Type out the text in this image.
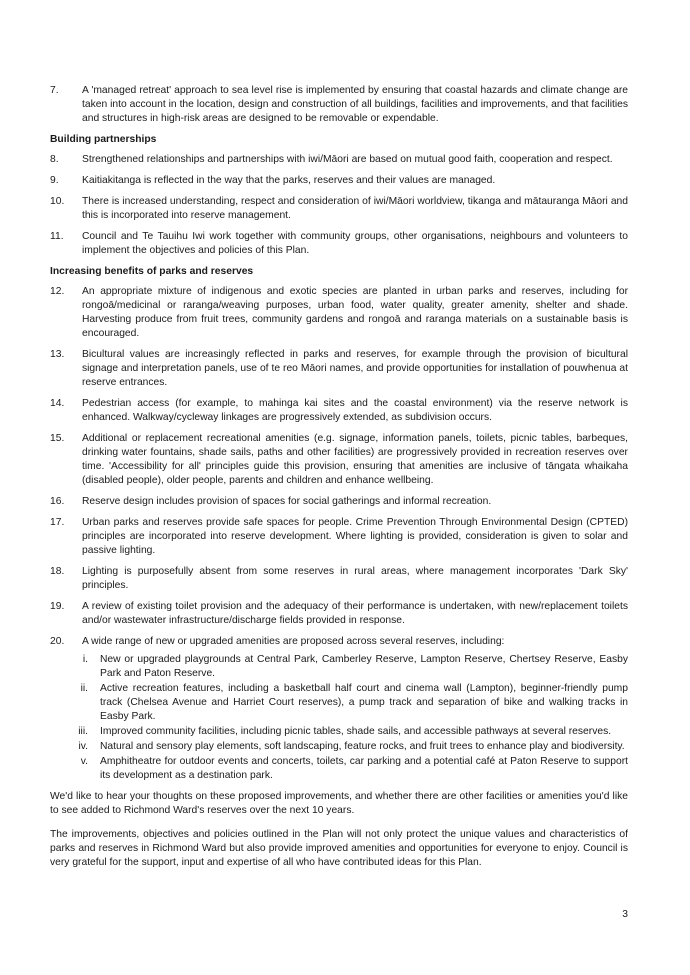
7.	A 'managed retreat' approach to sea level rise is implemented by ensuring that coastal hazards and climate change are taken into account in the location, design and construction of all buildings, facilities and improvements, and that facilities and structures in high-risk areas are designed to be removable or expendable.
Building partnerships
8.	Strengthened relationships and partnerships with iwi/Māori are based on mutual good faith, cooperation and respect.
9.	Kaitiakitanga is reflected in the way that the parks, reserves and their values are managed.
10.	There is increased understanding, respect and consideration of iwi/Māori worldview, tikanga and mātauranga Māori and this is incorporated into reserve management.
11.	Council and Te Tauihu Iwi work together with community groups, other organisations, neighbours and volunteers to implement the objectives and policies of this Plan.
Increasing benefits of parks and reserves
12.	An appropriate mixture of indigenous and exotic species are planted in urban parks and reserves, including for rongoā/medicinal or raranga/weaving purposes, urban food, water quality, greater amenity, shelter and shade. Harvesting produce from fruit trees, community gardens and rongoā and raranga materials on a sustainable basis is encouraged.
13.	Bicultural values are increasingly reflected in parks and reserves, for example through the provision of bicultural signage and interpretation panels, use of te reo Māori names, and provide opportunities for installation of pouwhenua at reserve entrances.
14.	Pedestrian access (for example, to mahinga kai sites and the coastal environment) via the reserve network is enhanced. Walkway/cycleway linkages are progressively extended, as subdivision occurs.
15.	Additional or replacement recreational amenities (e.g. signage, information panels, toilets, picnic tables, barbeques, drinking water fountains, shade sails, paths and other facilities) are progressively provided in recreation reserves over time. 'Accessibility for all' principles guide this provision, ensuring that amenities are inclusive of tāngata whaikaha (disabled people), older people, parents and children and enhance wellbeing.
16.	Reserve design includes provision of spaces for social gatherings and informal recreation.
17.	Urban parks and reserves provide safe spaces for people. Crime Prevention Through Environmental Design (CPTED) principles are incorporated into reserve development. Where lighting is provided, consideration is given to solar and passive lighting.
18.	Lighting is purposefully absent from some reserves in rural areas, where management incorporates 'Dark Sky' principles.
19.	A review of existing toilet provision and the adequacy of their performance is undertaken, with new/replacement toilets and/or wastewater infrastructure/discharge fields provided in response.
20.	A wide range of new or upgraded amenities are proposed across several reserves, including:
i.	New or upgraded playgrounds at Central Park, Camberley Reserve, Lampton Reserve, Chertsey Reserve, Easby Park and Paton Reserve.
ii.	Active recreation features, including a basketball half court and cinema wall (Lampton), beginner-friendly pump track (Chelsea Avenue and Harriet Court reserves), a pump track and separation of bike and walking tracks in Easby Park.
iii.	Improved community facilities, including picnic tables, shade sails, and accessible pathways at several reserves.
iv.	Natural and sensory play elements, soft landscaping, feature rocks, and fruit trees to enhance play and biodiversity.
v.	Amphitheatre for outdoor events and concerts, toilets, car parking and a potential café at Paton Reserve to support its development as a destination park.

We'd like to hear your thoughts on these proposed improvements, and whether there are other facilities or amenities you'd like to see added to Richmond Ward's reserves over the next 10 years.

The improvements, objectives and policies outlined in the Plan will not only protect the unique values and characteristics of parks and reserves in Richmond Ward but also provide improved amenities and opportunities for everyone to enjoy. Council is very grateful for the support, input and expertise of all who have contributed ideas for this Plan.

3
